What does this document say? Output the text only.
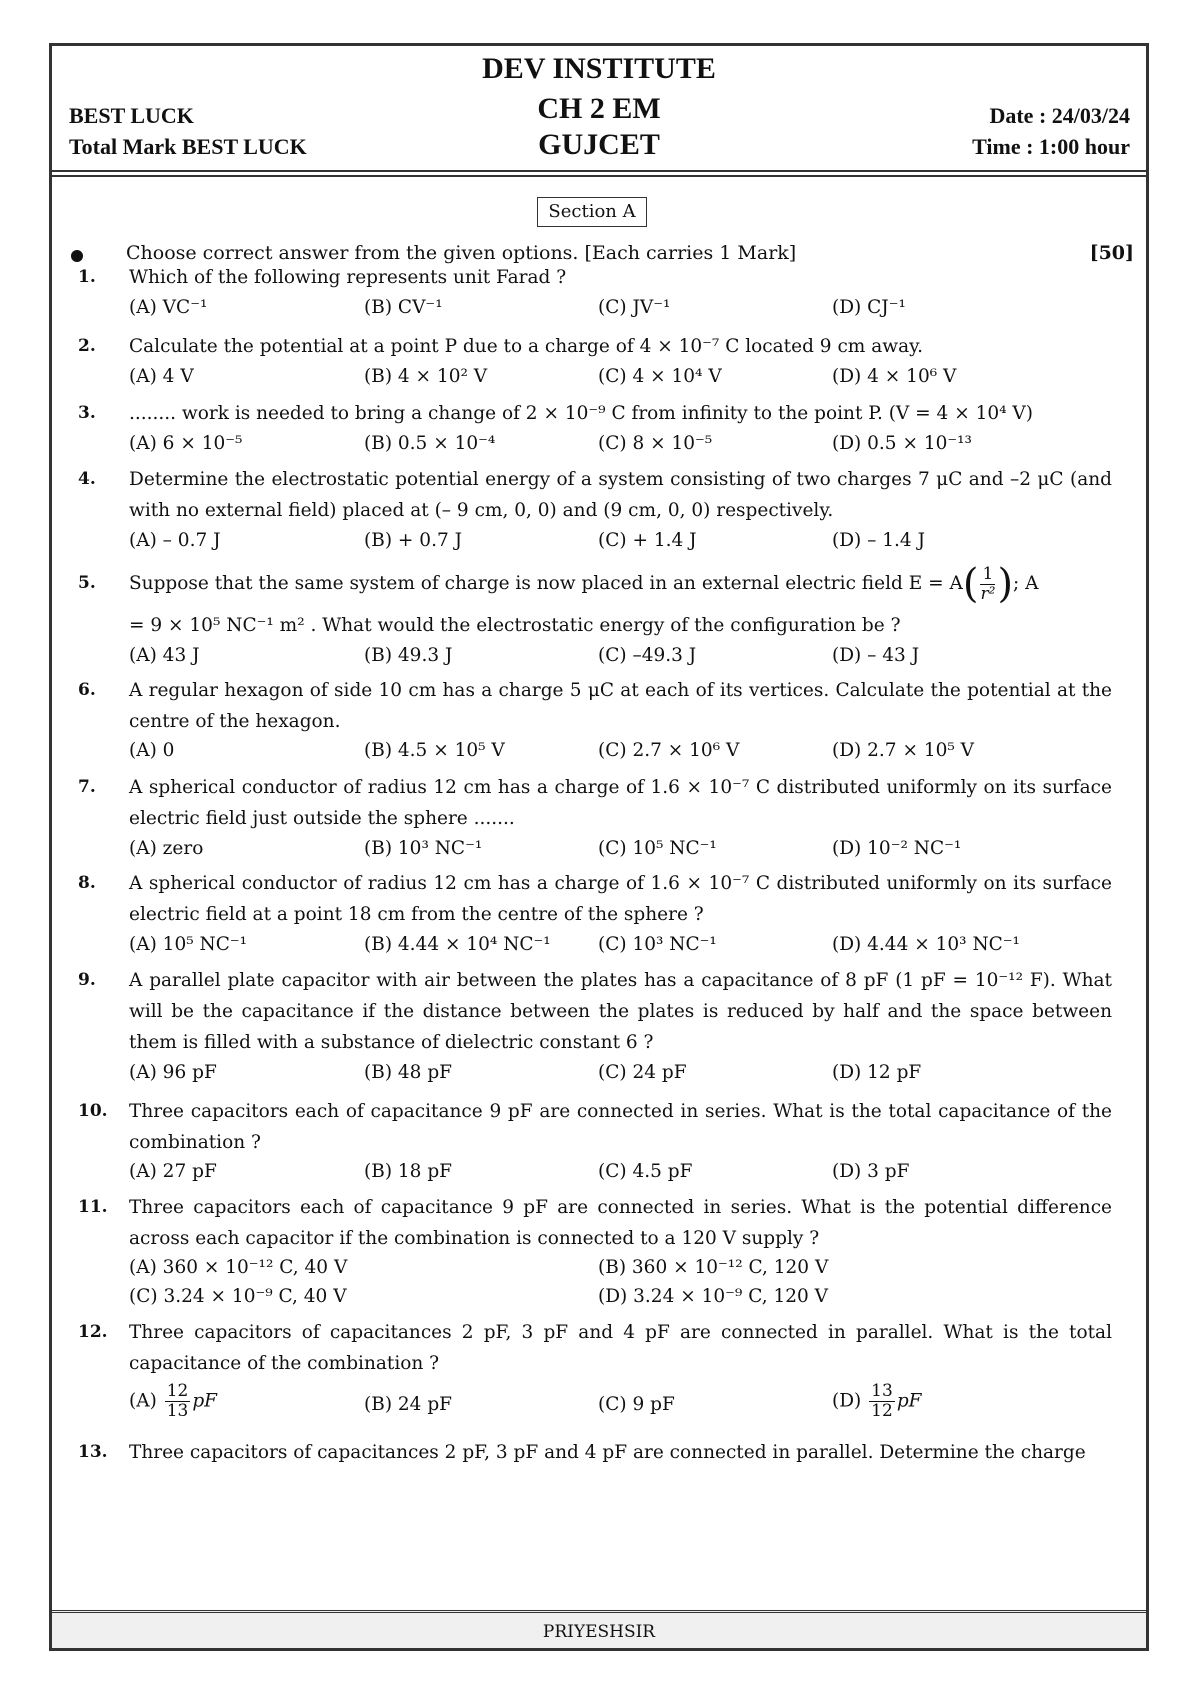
DEV INSTITUTE
CH 2 EM
GUJCET
BEST LUCK
Total Mark BEST LUCK
Date : 24/03/24
Time : 1:00 hour
Section A
Choose correct answer from the given options. [Each carries 1 Mark]	[50]
1. Which of the following represents unit Farad ?
(A) VC⁻¹	(B) CV⁻¹	(C) JV⁻¹	(D) CJ⁻¹
2. Calculate the potential at a point P due to a charge of 4 × 10⁻⁷ C located 9 cm away.
(A) 4 V	(B) 4 × 10² V	(C) 4 × 10⁴ V	(D) 4 × 10⁶ V
3. ........ work is needed to bring a change of 2 × 10⁻⁹ C from infinity to the point P. (V = 4 × 10⁴ V)
(A) 6 × 10⁻⁵	(B) 0.5 × 10⁻⁴	(C) 8 × 10⁻⁵	(D) 0.5 × 10⁻¹³
4. Determine the electrostatic potential energy of a system consisting of two charges 7 μC and –2 μC (and with no external field) placed at (– 9 cm, 0, 0) and (9 cm, 0, 0) respectively.
(A) – 0.7 J	(B) + 0.7 J	(C) + 1.4 J	(D) – 1.4 J
5. Suppose that the same system of charge is now placed in an external electric field $E = A( \frac{1}{\text{r²}}$ ); A
= 9 × 10⁵ NC⁻¹ m² . What would the electrostatic energy of the configuration be ?
(A) 43 J	(B) 49.3 J	(C) –49.3 J	(D) – 43 J
6. A regular hexagon of side 10 cm has a charge 5 μC at each of its vertices. Calculate the potential at the centre of the hexagon.
(A) 0	(B) 4.5 × 10⁵ V	(C) 2.7 × 10⁶ V	(D) 2.7 × 10⁵ V
7. A spherical conductor of radius 12 cm has a charge of 1.6 × 10⁻⁷ C distributed uniformly on its surface electric field just outside the sphere .......
(A) zero	(B) 10³ NC⁻¹	(C) 10⁵ NC⁻¹	(D) 10⁻² NC⁻¹
8. A spherical conductor of radius 12 cm has a charge of 1.6 × 10⁻⁷ C distributed uniformly on its surface electric field at a point 18 cm from the centre of the sphere ?
(A) 10⁵ NC⁻¹	(B) 4.44 × 10⁴ NC⁻¹	(C) 10³ NC⁻¹	(D) 4.44 × 10³ NC⁻¹
9. A parallel plate capacitor with air between the plates has a capacitance of 8 pF (1 pF = 10⁻¹² F). What will be the capacitance if the distance between the plates is reduced by half and the space between them is filled with a substance of dielectric constant 6 ?
(A) 96 pF	(B) 48 pF	(C) 24 pF	(D) 12 pF
10. Three capacitors each of capacitance 9 pF are connected in series. What is the total capacitance of the combination ?
(A) 27 pF	(B) 18 pF	(C) 4.5 pF	(D) 3 pF
11. Three capacitors each of capacitance 9 pF are connected in series. What is the potential difference across each capacitor if the combination is connected to a 120 V supply ?
(A) 360 × 10⁻¹² C, 40 V	(B) 360 × 10⁻¹² C, 120 V
(C) 3.24 × 10⁻⁹ C, 40 V	(D) 3.24 × 10⁻⁹ C, 120 V
12. Three capacitors of capacitances 2 pF, 3 pF and 4 pF are connected in parallel. What is the total capacitance of the combination ?
$(A) \frac{12}{13}$ pF	(B) 24 pF	(C) 9 pF	$(D) \frac{13}{12}$ pF
13. Three capacitors of capacitances 2 pF, 3 pF and 4 pF are connected in parallel. Determine the charge
PRIYESHSIR
